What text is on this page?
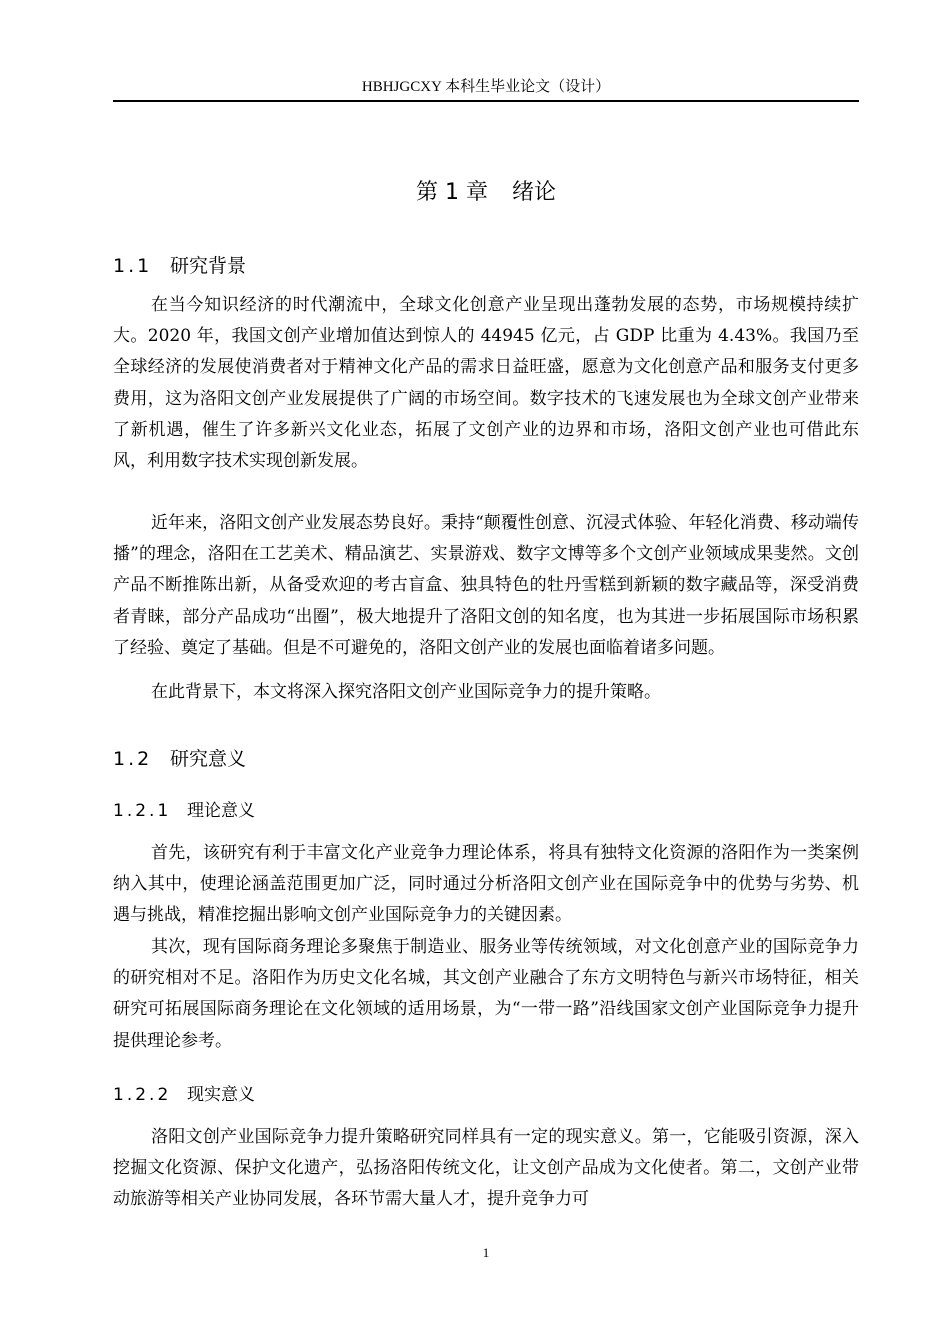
HBHJGCXY 本科生毕业论文（设计）
第 1 章 绪论
1.1 研究背景

在当今知识经济的时代潮流中，全球文化创意产业呈现出蓬勃发展的态势，市场规模持续扩大。2020 年，我国文创产业增加值达到惊人的 44945 亿元，占 GDP 比重为 4.43%。我国乃至全球经济的发展使消费者对于精神文化产品的需求日益旺盛，愿意为文化创意产品和服务支付更多费用，这为洛阳文创产业发展提供了广阔的市场空间。数字技术的飞速发展也为全球文创产业带来了新机遇，催生了许多新兴文化业态，拓展了文创产业的边界和市场，洛阳文创产业也可借此东风，利用数字技术实现创新发展。

近年来，洛阳文创产业发展态势良好。秉持“颠覆性创意、沉浸式体验、年轻化消费、移动端传播”的理念，洛阳在工艺美术、精品演艺、实景游戏、数字文博等多个文创产业领域成果斐然。文创产品不断推陈出新，从备受欢迎的考古盲盒、独具特色的牡丹雪糕到新颖的数字藏品等，深受消费者青睐，部分产品成功“出圈”，极大地提升了洛阳文创的知名度，也为其进一步拓展国际市场积累了经验、奠定了基础。但是不可避免的，洛阳文创产业的发展也面临着诸多问题。

在此背景下，本文将深入探究洛阳文创产业国际竞争力的提升策略。

1.2 研究意义
1.2.1 理论意义

首先，该研究有利于丰富文化产业竞争力理论体系，将具有独特文化资源的洛阳作为一类案例纳入其中，使理论涵盖范围更加广泛，同时通过分析洛阳文创产业在国际竞争中的优势与劣势、机遇与挑战，精准挖掘出影响文创产业国际竞争力的关键因素。

其次，现有国际商务理论多聚焦于制造业、服务业等传统领域，对文化创意产业的国际竞争力的研究相对不足。洛阳作为历史文化名城，其文创产业融合了东方文明特色与新兴市场特征，相关研究可拓展国际商务理论在文化领域的适用场景，为“一带一路”沿线国家文创产业国际竞争力提升提供理论参考。

1.2.2 现实意义

洛阳文创产业国际竞争力提升策略研究同样具有一定的现实意义。第一，它能吸引资源，深入挖掘文化资源、保护文化遗产，弘扬洛阳传统文化，让文创产品成为文化使者。第二，文创产业带动旅游等相关产业协同发展，各环节需大量人才，提升竞争力可

1
